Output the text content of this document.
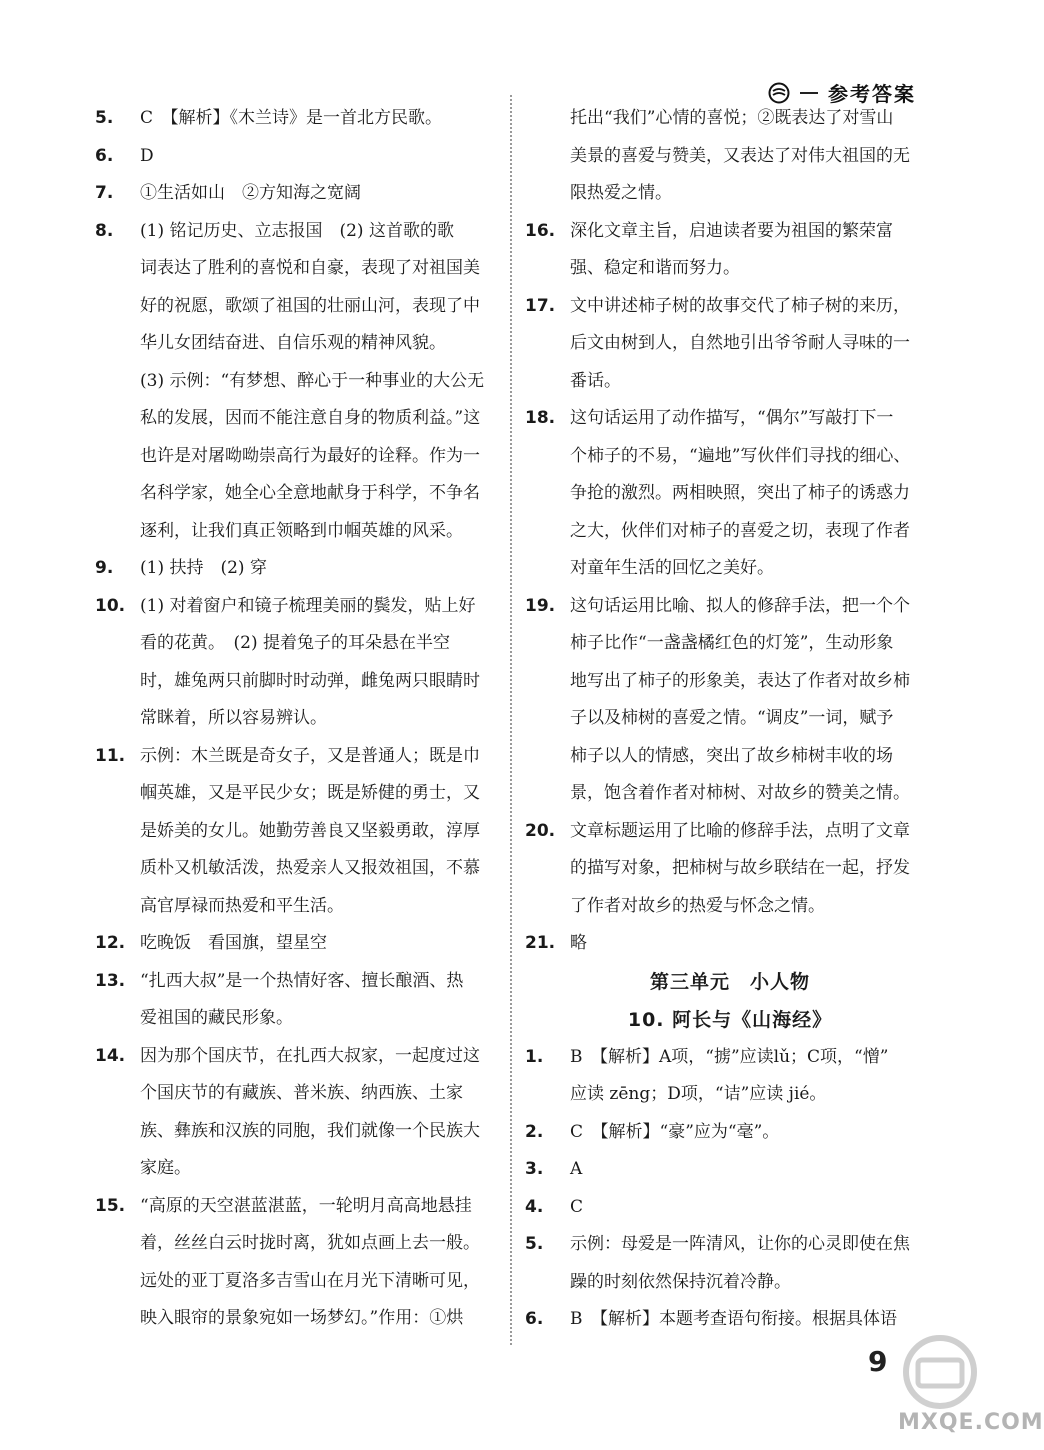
参考答案
5.	C　【解析】《木兰诗》是一首北方民歌。

6.	D

7.	①生活如山　②方知海之宽阔

8.	(1) 铭记历史、立志报国　(2) 这首歌的歌

词表达了胜利的喜悦和自豪，表现了对祖国美

好的祝愿，歌颂了祖国的壮丽山河，表现了中

华儿女团结奋进、自信乐观的精神风貌。

(3) 示例：“有梦想、醉心于一种事业的大公无

私的发展，因而不能注意自身的物质利益。”这

也许是对屠呦呦崇高行为最好的诠释。作为一

名科学家，她全心全意地献身于科学，不争名

逐利，让我们真正领略到巾帼英雄的风采。

9.	(1) 扶持　(2) 穿

10. (1) 对着窗户和镜子梳理美丽的鬓发，贴上好

看的花黄。　(2) 提着兔子的耳朵悬在半空

时，雄兔两只前脚时时动弹，雌兔两只眼睛时

常眯着，所以容易辨认。

11. 示例：木兰既是奇女子，又是普通人；既是巾

帼英雄，又是平民少女；既是矫健的勇士，又

是娇美的女儿。她勤劳善良又坚毅勇敢，淳厚

质朴又机敏活泼，热爱亲人又报效祖国，不慕

高官厚禄而热爱和平生活。

12. 吃晚饭　看国旗，望星空

13. “扎西大叔”是一个热情好客、擅长酿酒、热

爱祖国的藏民形象。

14. 因为那个国庆节，在扎西大叔家，一起度过这

个国庆节的有藏族、普米族、纳西族、土家

族、彝族和汉族的同胞，我们就像一个民族大

家庭。

15. “高原的天空湛蓝湛蓝，一轮明月高高地悬挂

着，丝丝白云时拢时离，犹如点画上去一般。

远处的亚丁夏洛多吉雪山在月光下清晰可见，

映入眼帘的景象宛如一场梦幻。”作用：①烘

托出“我们”心情的喜悦；②既表达了对雪山

美景的喜爱与赞美，又表达了对伟大祖国的无

限热爱之情。

16. 深化文章主旨，启迪读者要为祖国的繁荣富

强、稳定和谐而努力。

17. 文中讲述柿子树的故事交代了柿子树的来历，

后文由树到人，自然地引出爷爷耐人寻味的一

番话。

18. 这句话运用了动作描写，“偶尔”写敲打下一

个柿子的不易，“遍地”写伙伴们寻找的细心、

争抢的激烈。两相映照，突出了柿子的诱惑力

之大，伙伴们对柿子的喜爱之切，表现了作者

对童年生活的回忆之美好。

19. 这句话运用比喻、拟人的修辞手法，把一个个

柿子比作“一盏盏橘红色的灯笼”，生动形象

地写出了柿子的形象美，表达了作者对故乡柿

子以及柿树的喜爱之情。“调皮”一词，赋予

柿子以人的情感，突出了故乡柿树丰收的场

景，饱含着作者对柿树、对故乡的赞美之情。

20. 文章标题运用了比喻的修辞手法，点明了文章

的描写对象，把柿树与故乡联结在一起，抒发

了作者对故乡的热爱与怀念之情。

21. 略

第三单元　小人物
10. 阿长与《山海经》
1.	B　【解析】A项，“掳”应读lǔ；C项，“憎”

应读 zēng；D项，“诘”应读 jié。

2.	C　【解析】“豪”应为“毫”。

3.	A

4.	C

5.	示例：母爱是一阵清风，让你的心灵即使在焦

躁的时刻依然保持沉着冷静。

6.	B　【解析】本题考查语句衔接。根据具体语

9
MXQE.COM
